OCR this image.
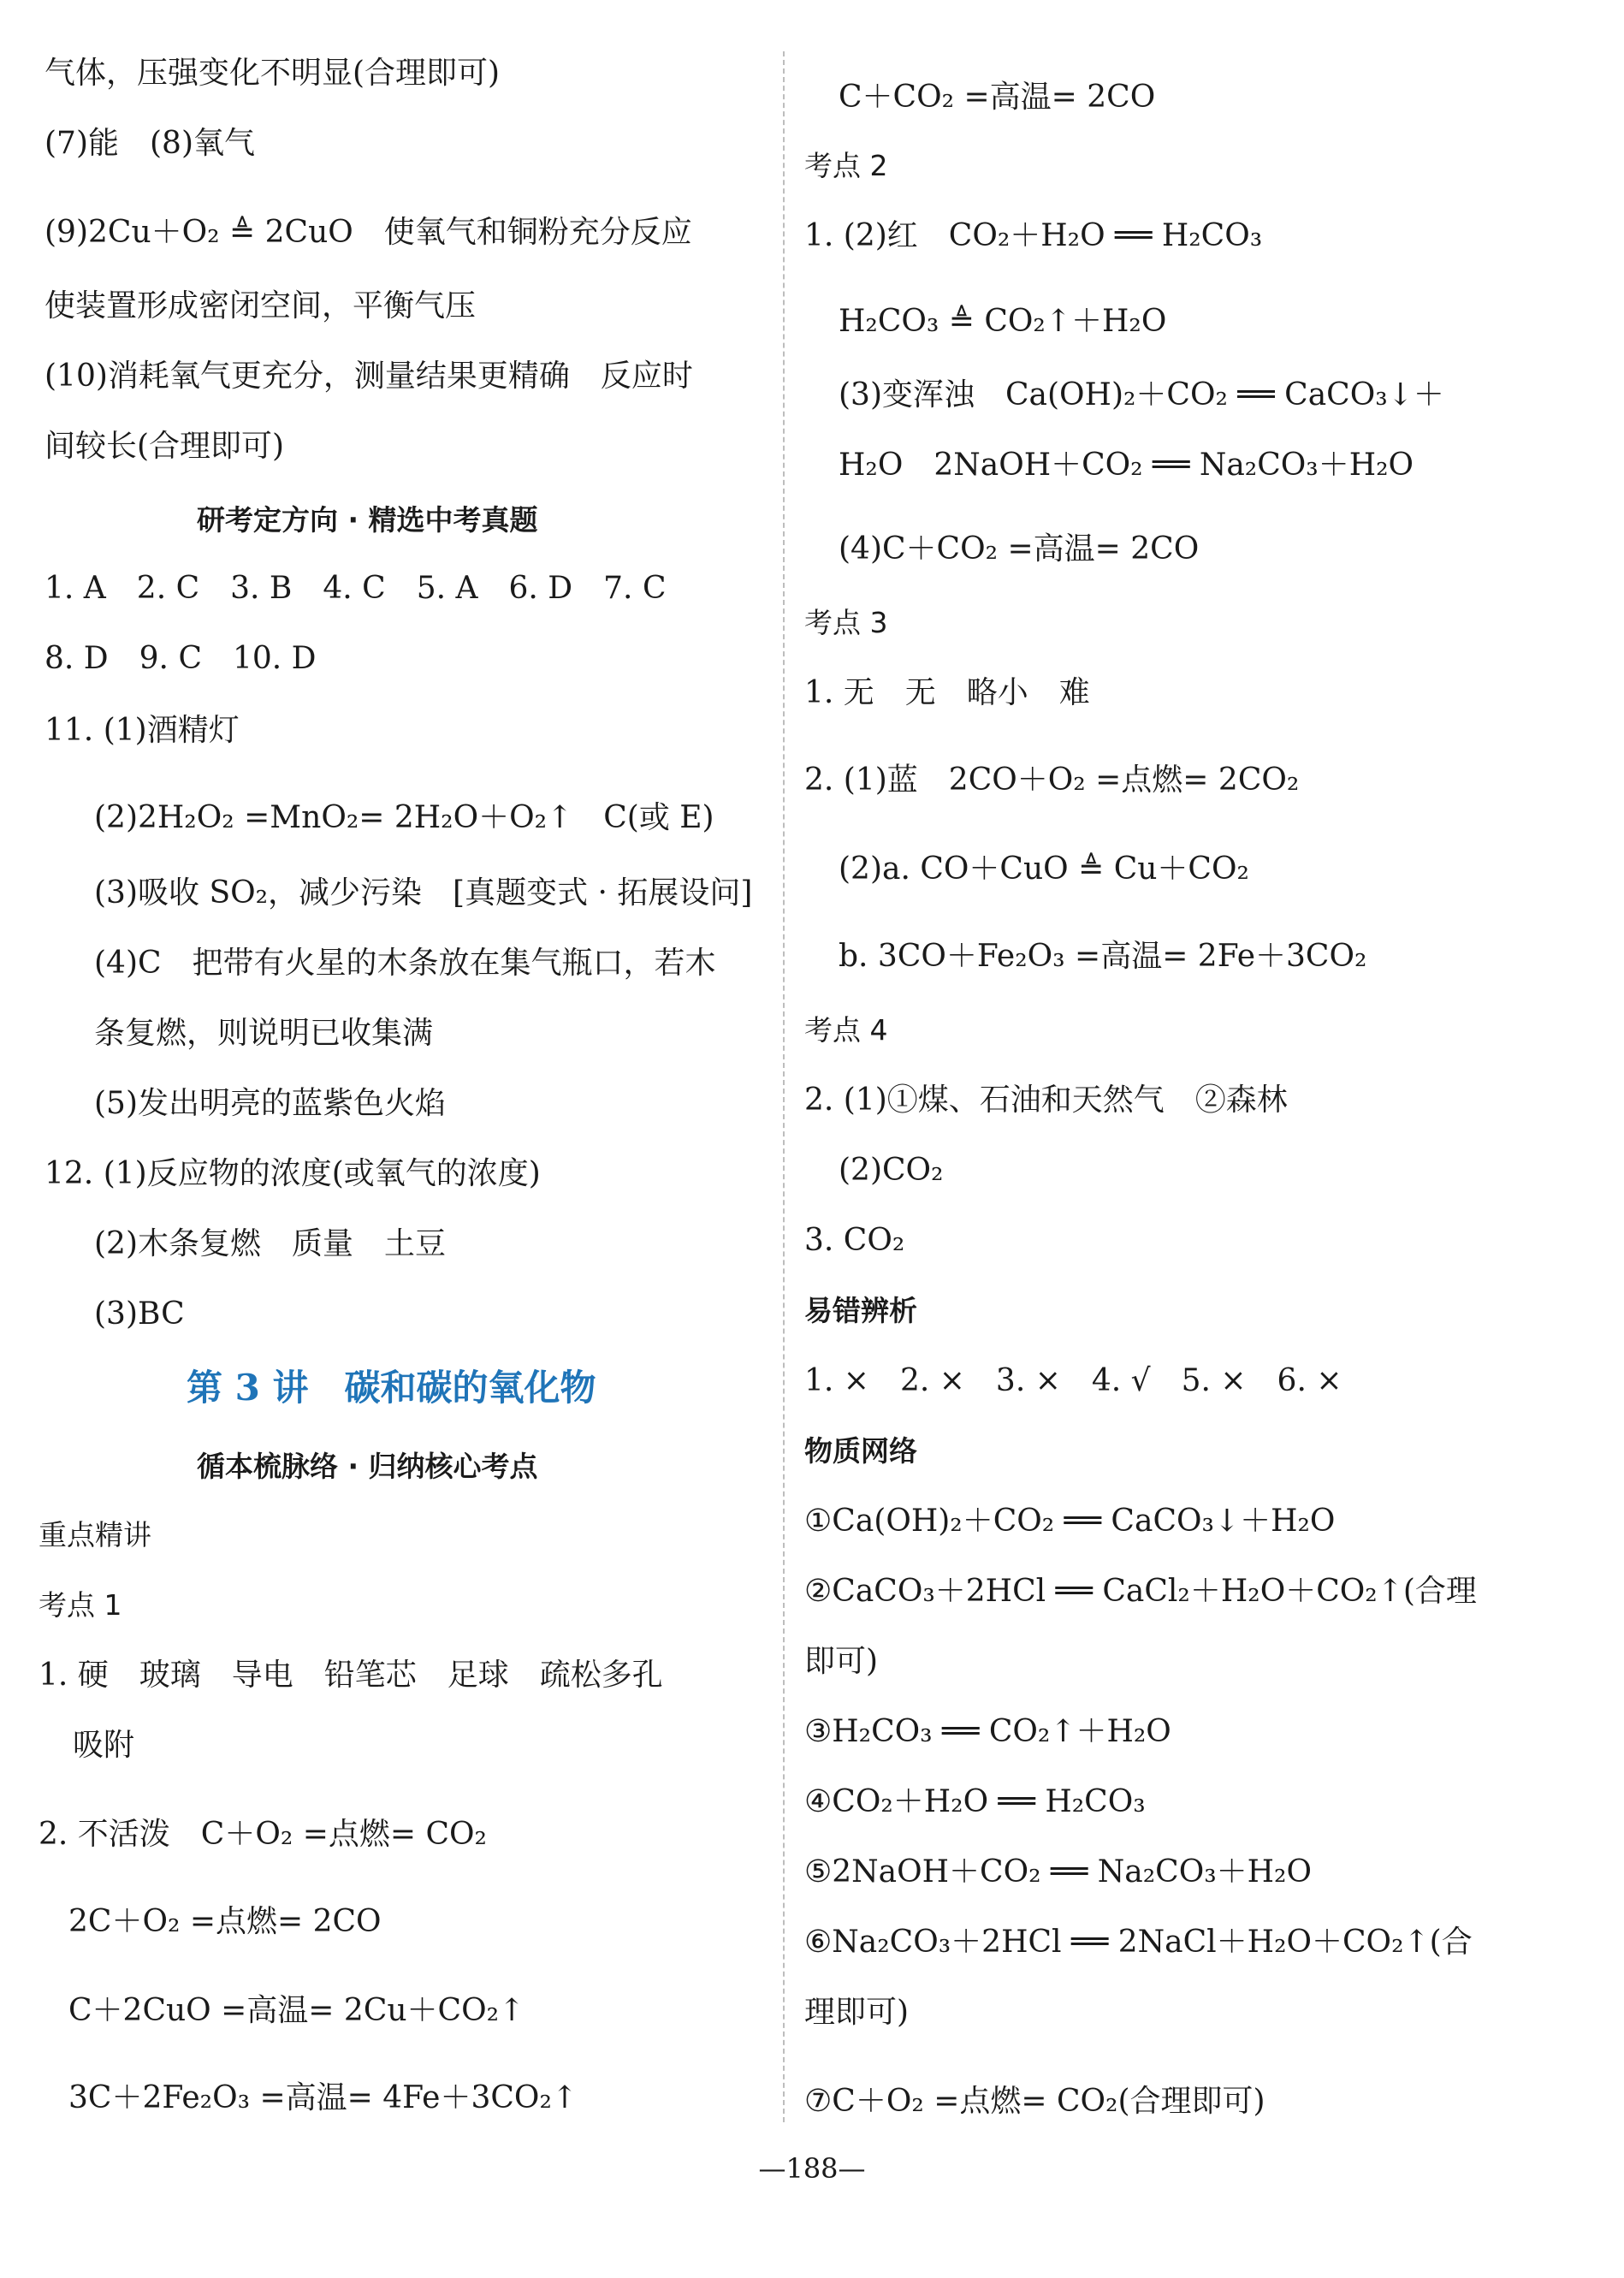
气体，压强变化不明显(合理即可)
(7)能　(8)氧气
(9)2Cu＋O₂ ≜ 2CuO　使氧气和铜粉充分反应
使装置形成密闭空间，平衡气压
(10)消耗氧气更充分，测量结果更精确　反应时
间较长(合理即可)
研考定方向 · 精选中考真题
1. A　2. C　3. B　4. C　5. A　6. D　7. C
8. D　9. C　10. D
11. (1)酒精灯
(2)2H₂O₂ =MnO₂= 2H₂O＋O₂↑　C(或 E)
(3)吸收 SO₂，减少污染　[真题变式 · 拓展设问]
(4)C　把带有火星的木条放在集气瓶口，若木
条复燃，则说明已收集满
(5)发出明亮的蓝紫色火焰
12. (1)反应物的浓度(或氧气的浓度)
(2)木条复燃　质量　土豆
(3)BC
第 3 讲　碳和碳的氧化物
循本梳脉络 · 归纳核心考点
重点精讲
考点 1
1. 硬　玻璃　导电　铅笔芯　足球　疏松多孔
吸附
2. 不活泼　C＋O₂ =点燃= CO₂
2C＋O₂ =点燃= 2CO
C＋2CuO =高温= 2Cu＋CO₂↑
3C＋2Fe₂O₃ =高温= 4Fe＋3CO₂↑
C＋CO₂ =高温= 2CO
考点 2
1. (2)红　CO₂＋H₂O ══ H₂CO₃
H₂CO₃ ≜ CO₂↑＋H₂O
(3)变浑浊　Ca(OH)₂＋CO₂ ══ CaCO₃↓＋
H₂O　2NaOH＋CO₂ ══ Na₂CO₃＋H₂O
(4)C＋CO₂ =高温= 2CO
考点 3
1. 无　无　略小　难
2. (1)蓝　2CO＋O₂ =点燃= 2CO₂
(2)a. CO＋CuO ≜ Cu＋CO₂
b. 3CO＋Fe₂O₃ =高温= 2Fe＋3CO₂
考点 4
2. (1)①煤、石油和天然气　②森林
(2)CO₂
3. CO₂
易错辨析
1. ×　2. ×　3. ×　4. √　5. ×　6. ×
物质网络
①Ca(OH)₂＋CO₂ ══ CaCO₃↓＋H₂O
②CaCO₃＋2HCl ══ CaCl₂＋H₂O＋CO₂↑(合理
即可)
③H₂CO₃ ══ CO₂↑＋H₂O
④CO₂＋H₂O ══ H₂CO₃
⑤2NaOH＋CO₂ ══ Na₂CO₃＋H₂O
⑥Na₂CO₃＋2HCl ══ 2NaCl＋H₂O＋CO₂↑(合
理即可)
⑦C＋O₂ =点燃= CO₂(合理即可)
—188—
